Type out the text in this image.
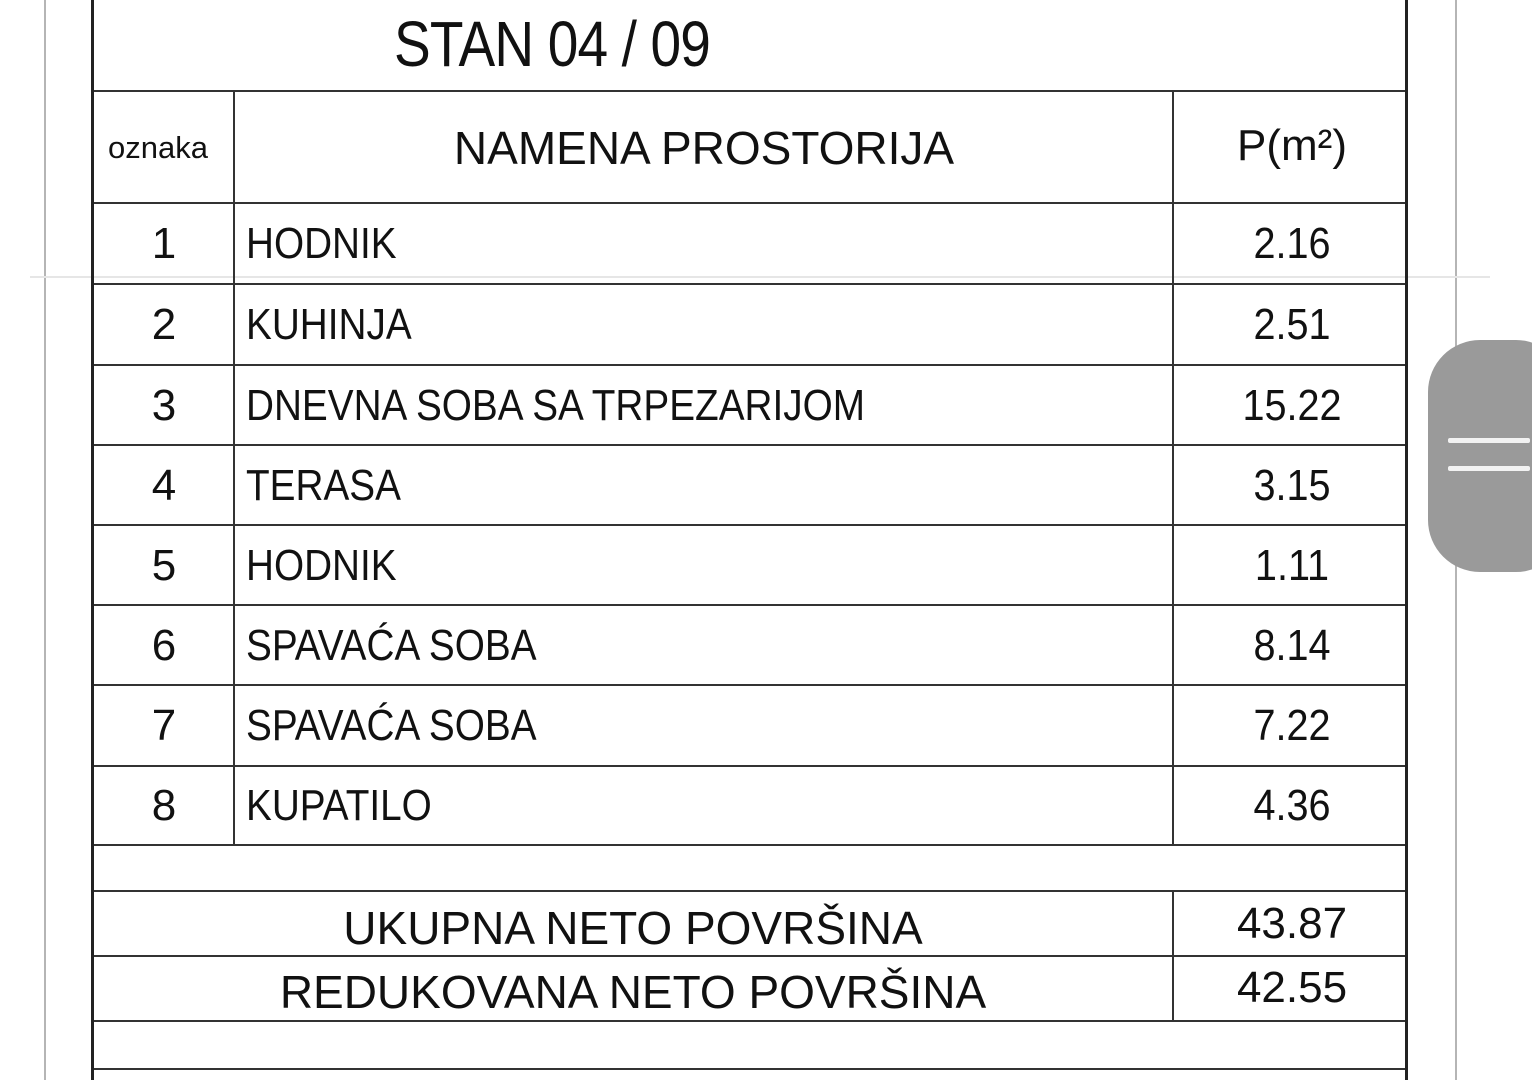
STAN 04 / 09
oznaka	NAMENA PROSTORIJA	P(m²)
1	HODNIK	2.16
2	KUHINJA	2.51
3	DNEVNA SOBA SA TRPEZARIJOM	15.22
4	TERASA	3.15
5	HODNIK	1.11
6	SPAVAĆA SOBA	8.14
7	SPAVAĆA SOBA	7.22
8	KUPATILO	4.36
UKUPNA NETO POVRŠINA	43.87
REDUKOVANA NETO POVRŠINA	42.55
